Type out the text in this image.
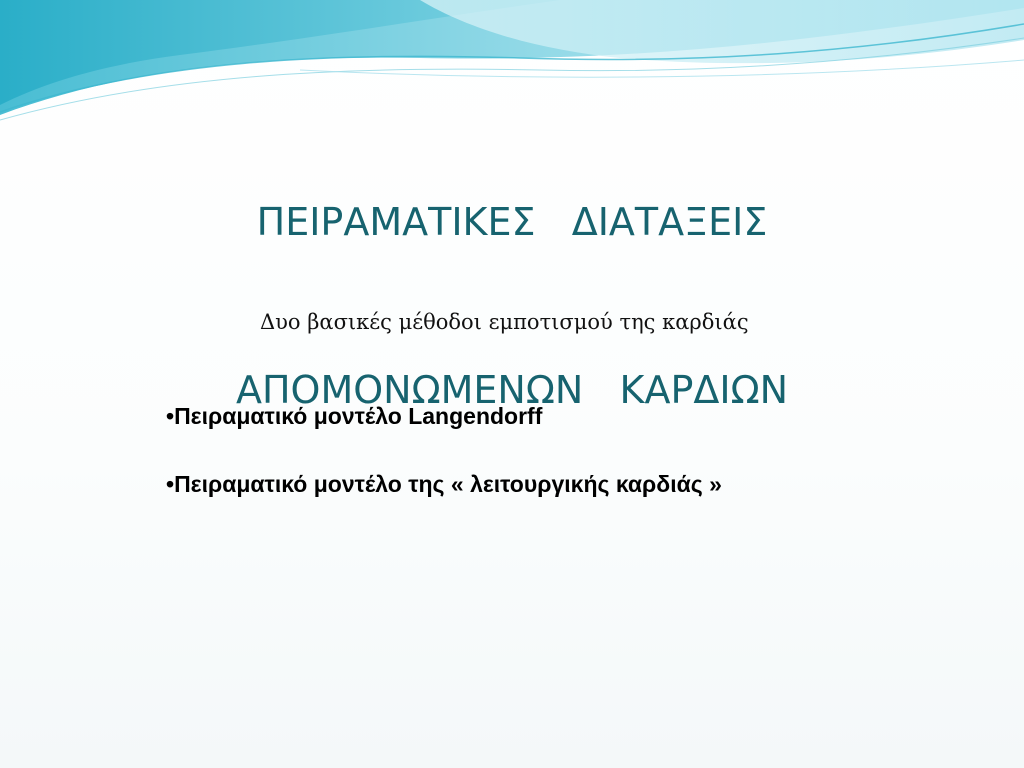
ΠΕΙΡΑΜΑΤΙΚΕΣ   ΔΙΑΤΑΞΕΙΣ

ΑΠΟΜΟΝΩΜΕΝΩΝ   ΚΑΡΔΙΩΝ

Δυο βασικές μέθοδοι εμποτισμού της καρδιάς
•Πειραματικό μοντέλο Langendorff
•Πειραματικό μοντέλο της « λειτουργικής καρδιάς »
